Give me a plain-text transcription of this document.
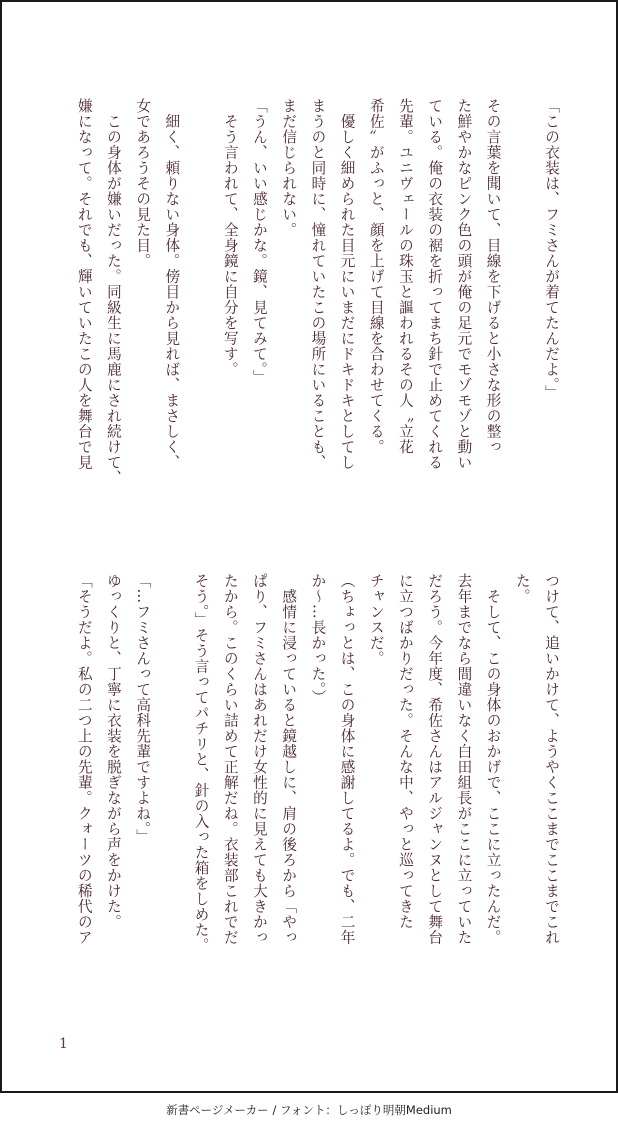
「この衣装は、フミさんが着てたんだよ。」

その言葉を聞いて、目線を下げると小さな形の整っ
た鮮やかなピンク色の頭が俺の足元でモゾモゾと動い
ている。俺の衣装の裾を折ってまち針で止めてくれる
先輩。ユニヴェールの珠玉と謳われるその人〝立花
希佐〟がふっと、顔を上げて目線を合わせてくる。
　優しく細められた目元にいまだにドキドキとしてし
まうのと同時に、憧れていたこの場所にいることも、
まだ信じられない。
「うん、いい感じかな。鏡、見てみて。」
　そう言われて、全身鏡に自分を写す。

　細く、頼りない身体。傍目から見れば、まさしく、
女であろうその見た目。
　この身体が嫌いだった。同級生に馬鹿にされ続けて、
嫌になって。それでも、輝いていたこの人を舞台で見
つけて、追いかけて、ようやくここまでここまでこれ
た。
　そして、この身体のおかげで、ここに立ったんだ。
去年までなら間違いなく白田組長がここに立っていた
だろう。今年度、希佐さんはアルジャンヌとして舞台
に立つばかりだった。そんな中、やっと巡ってきた
チャンスだ。
（ちょっとは、この身体に感謝してるよ。でも、二年
か〜…長かった。）
　感情に浸っていると鏡越しに、肩の後ろから「やっ
ぱり、フミさんはあれだけ女性的に見えても大きかっ
たから。このくらい詰めて正解だね。衣装部これでだ
そう。」そう言ってパチリと、針の入った箱をしめた。

「…フミさんって高科先輩ですよね。」
ゆっくりと、丁寧に衣装を脱ぎながら声をかけた。
「そうだよ。私の二つ上の先輩。クォーツの稀代のア
1
新書ページメーカー / フォント：しっぽり明朝Medium
